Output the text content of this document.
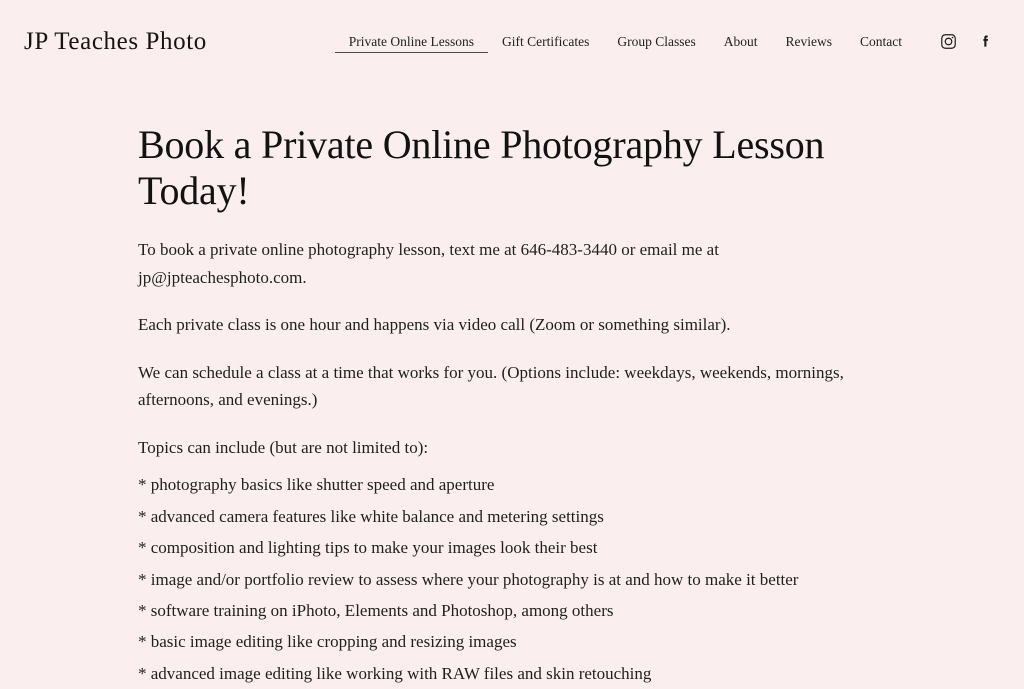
JP Teaches Photo	Private Online Lessons	Gift Certificates	Group Classes	About	Reviews	Contact
Book a Private Online Photography Lesson Today!

To book a private online photography lesson, text me at 646-483-3440 or email me at jp@jpteachesphoto.com.

Each private class is one hour and happens via video call (Zoom or something similar).

We can schedule a class at a time that works for you. (Options include: weekdays, weekends, mornings, afternoons, and evenings.)

Topics can include (but are not limited to):

* photography basics like shutter speed and aperture
* advanced camera features like white balance and metering settings
* composition and lighting tips to make your images look their best
* image and/or portfolio review to assess where your photography is at and how to make it better
* software training on iPhoto, Elements and Photoshop, among others
* basic image editing like cropping and resizing images
* advanced image editing like working with RAW files and skin retouching
